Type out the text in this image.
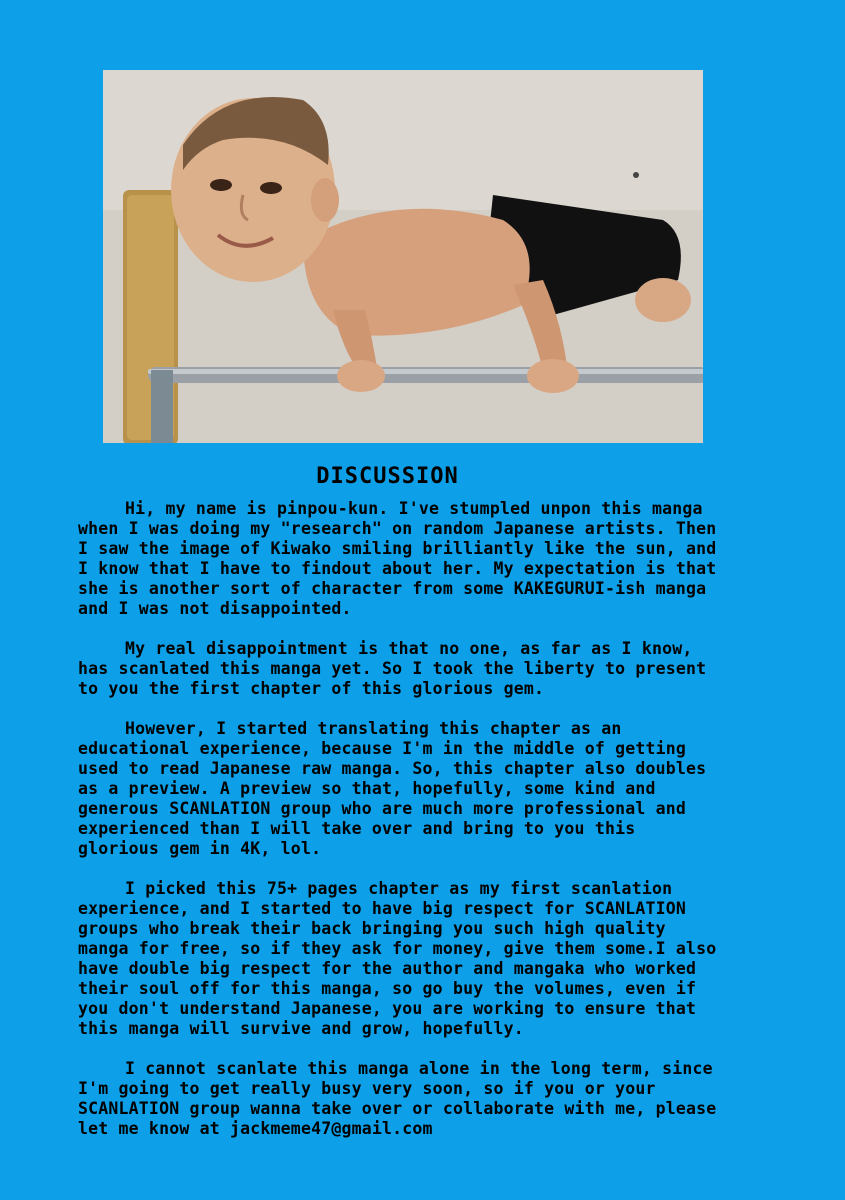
DISCUSSION

Hi, my name is pinpou-kun. I've stumpled unpon this manga
when I was doing my "research" on random Japanese artists. Then
I saw the image of Kiwako smiling brilliantly like the sun, and
I know that I have to findout about her. My expectation is that
she is another sort of character from some KAKEGURUI-ish manga
and I was not disappointed.

My real disappointment is that no one, as far as I know,
has scanlated this manga yet. So I took the liberty to present
to you the first chapter of this glorious gem.

However, I started translating this chapter as an
educational experience, because I'm in the middle of getting
used to read Japanese raw manga. So, this chapter also doubles
as a preview. A preview so that, hopefully, some kind and
generous SCANLATION group who are much more professional and
experienced than I will take over and bring to you this
glorious gem in 4K, lol.

I picked this 75+ pages chapter as my first scanlation
experience, and I started to have big respect for SCANLATION
groups who break their back bringing you such high quality
manga for free, so if they ask for money, give them some.I also
have double big respect for the author and mangaka who worked
their soul off for this manga, so go buy the volumes, even if
you don't understand Japanese, you are working to ensure that
this manga will survive and grow, hopefully.

I cannot scanlate this manga alone in the long term, since
I'm going to get really busy very soon, so if you or your
SCANLATION group wanna take over or collaborate with me, please
let me know at jackmeme47@gmail.com
